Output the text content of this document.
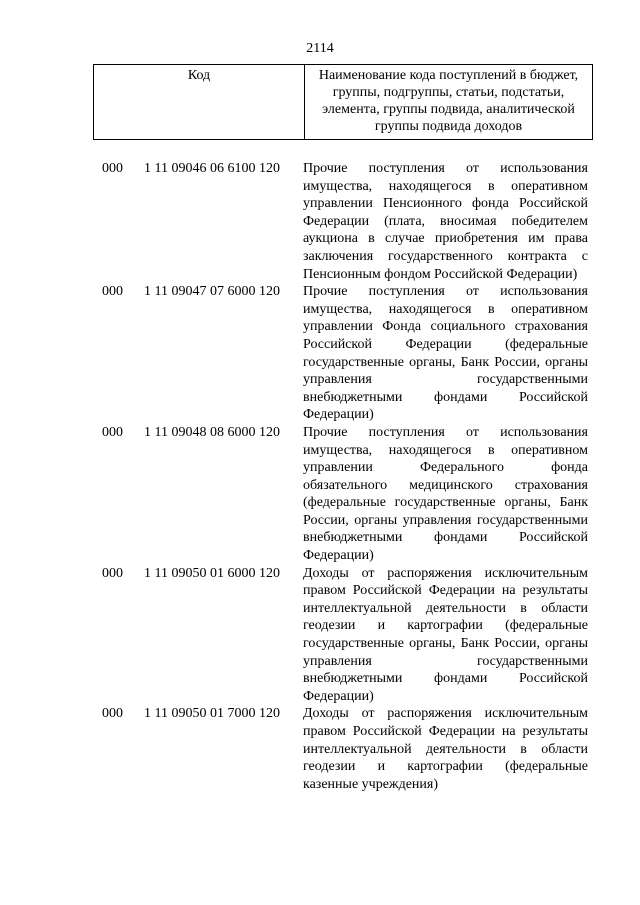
2114
Код	Наименование кода поступлений в бюджет, группы, подгруппы, статьи, подстатьи, элемента, группы подвида, аналитической группы подвида доходов
000 1 11 09046 06 6100 120 Прочие поступления от использования имущества, находящегося в оперативном управлении Пенсионного фонда Российской Федерации (плата, вносимая победителем аукциона в случае приобретения им права заключения государственного контракта с Пенсионным фондом Российской Федерации)
000 1 11 09047 07 6000 120 Прочие поступления от использования имущества, находящегося в оперативном управлении Фонда социального страхования Российской Федерации (федеральные государственные органы, Банк России, органы управления государственными внебюджетными фондами Российской Федерации)
000 1 11 09048 08 6000 120 Прочие поступления от использования имущества, находящегося в оперативном управлении Федерального фонда обязательного медицинского страхования (федеральные государственные органы, Банк России, органы управления государственными внебюджетными фондами Российской Федерации)
000 1 11 09050 01 6000 120 Доходы от распоряжения исключительным правом Российской Федерации на результаты интеллектуальной деятельности в области геодезии и картографии (федеральные государственные органы, Банк России, органы управления государственными внебюджетными фондами Российской Федерации)
000 1 11 09050 01 7000 120 Доходы от распоряжения исключительным правом Российской Федерации на результаты интеллектуальной деятельности в области геодезии и картографии (федеральные казенные учреждения)
